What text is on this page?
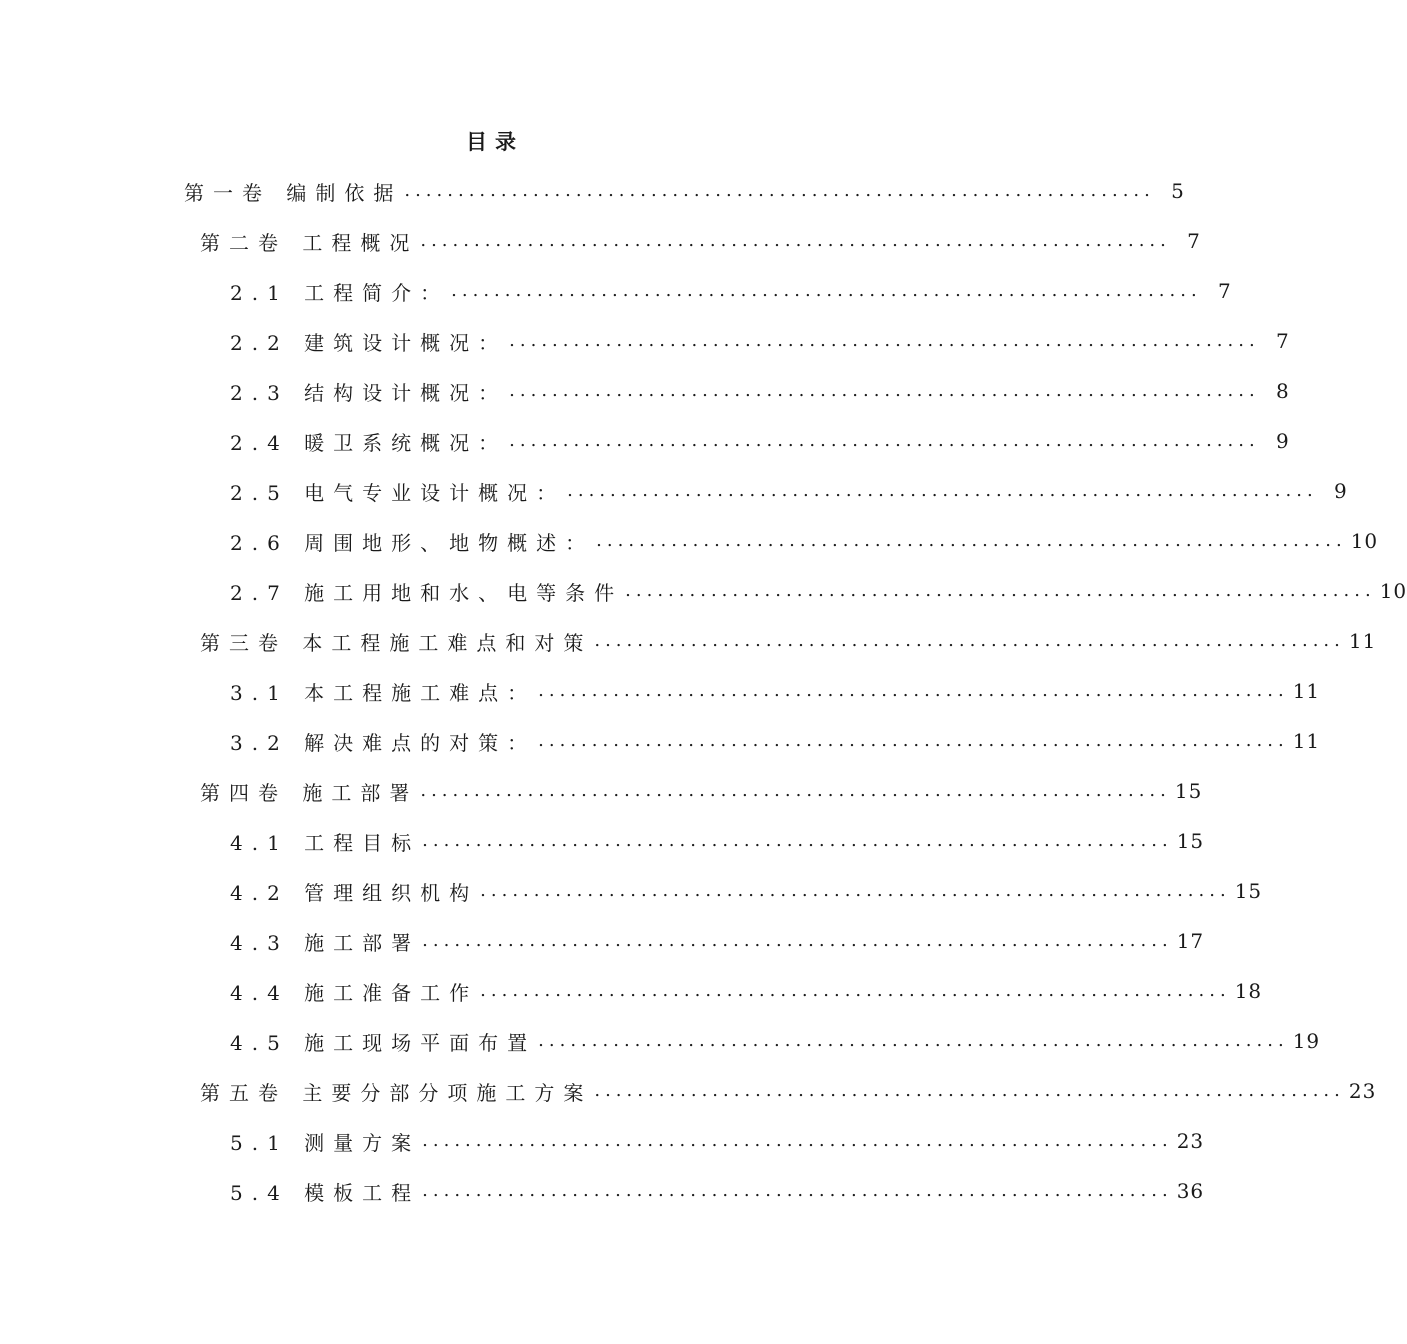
目录
第一卷 编制依据 ...................................................................... 5
第二卷 工程概况 ...................................................................... 7
2.1 工程简介： ...................................................................... 7
2.2 建筑设计概况： ...................................................................... 7
2.3 结构设计概况： ...................................................................... 8
2.4 暖卫系统概况： ...................................................................... 9
2.5 电气专业设计概况： ...................................................................... 9
2.6 周围地形、地物概述： ...................................................................... 10
2.7 施工用地和水、电等条件 ...................................................................... 10
第三卷 本工程施工难点和对策 ...................................................................... 11
3.1 本工程施工难点： ...................................................................... 11
3.2 解决难点的对策： ...................................................................... 11
第四卷 施工部署 ...................................................................... 15
4.1 工程目标 ...................................................................... 15
4.2 管理组织机构 ...................................................................... 15
4.3 施工部署 ...................................................................... 17
4.4 施工准备工作 ...................................................................... 18
4.5 施工现场平面布置 ...................................................................... 19
第五卷 主要分部分项施工方案 ...................................................................... 23
5.1 测量方案 ...................................................................... 23
5.4 模板工程 ...................................................................... 36
